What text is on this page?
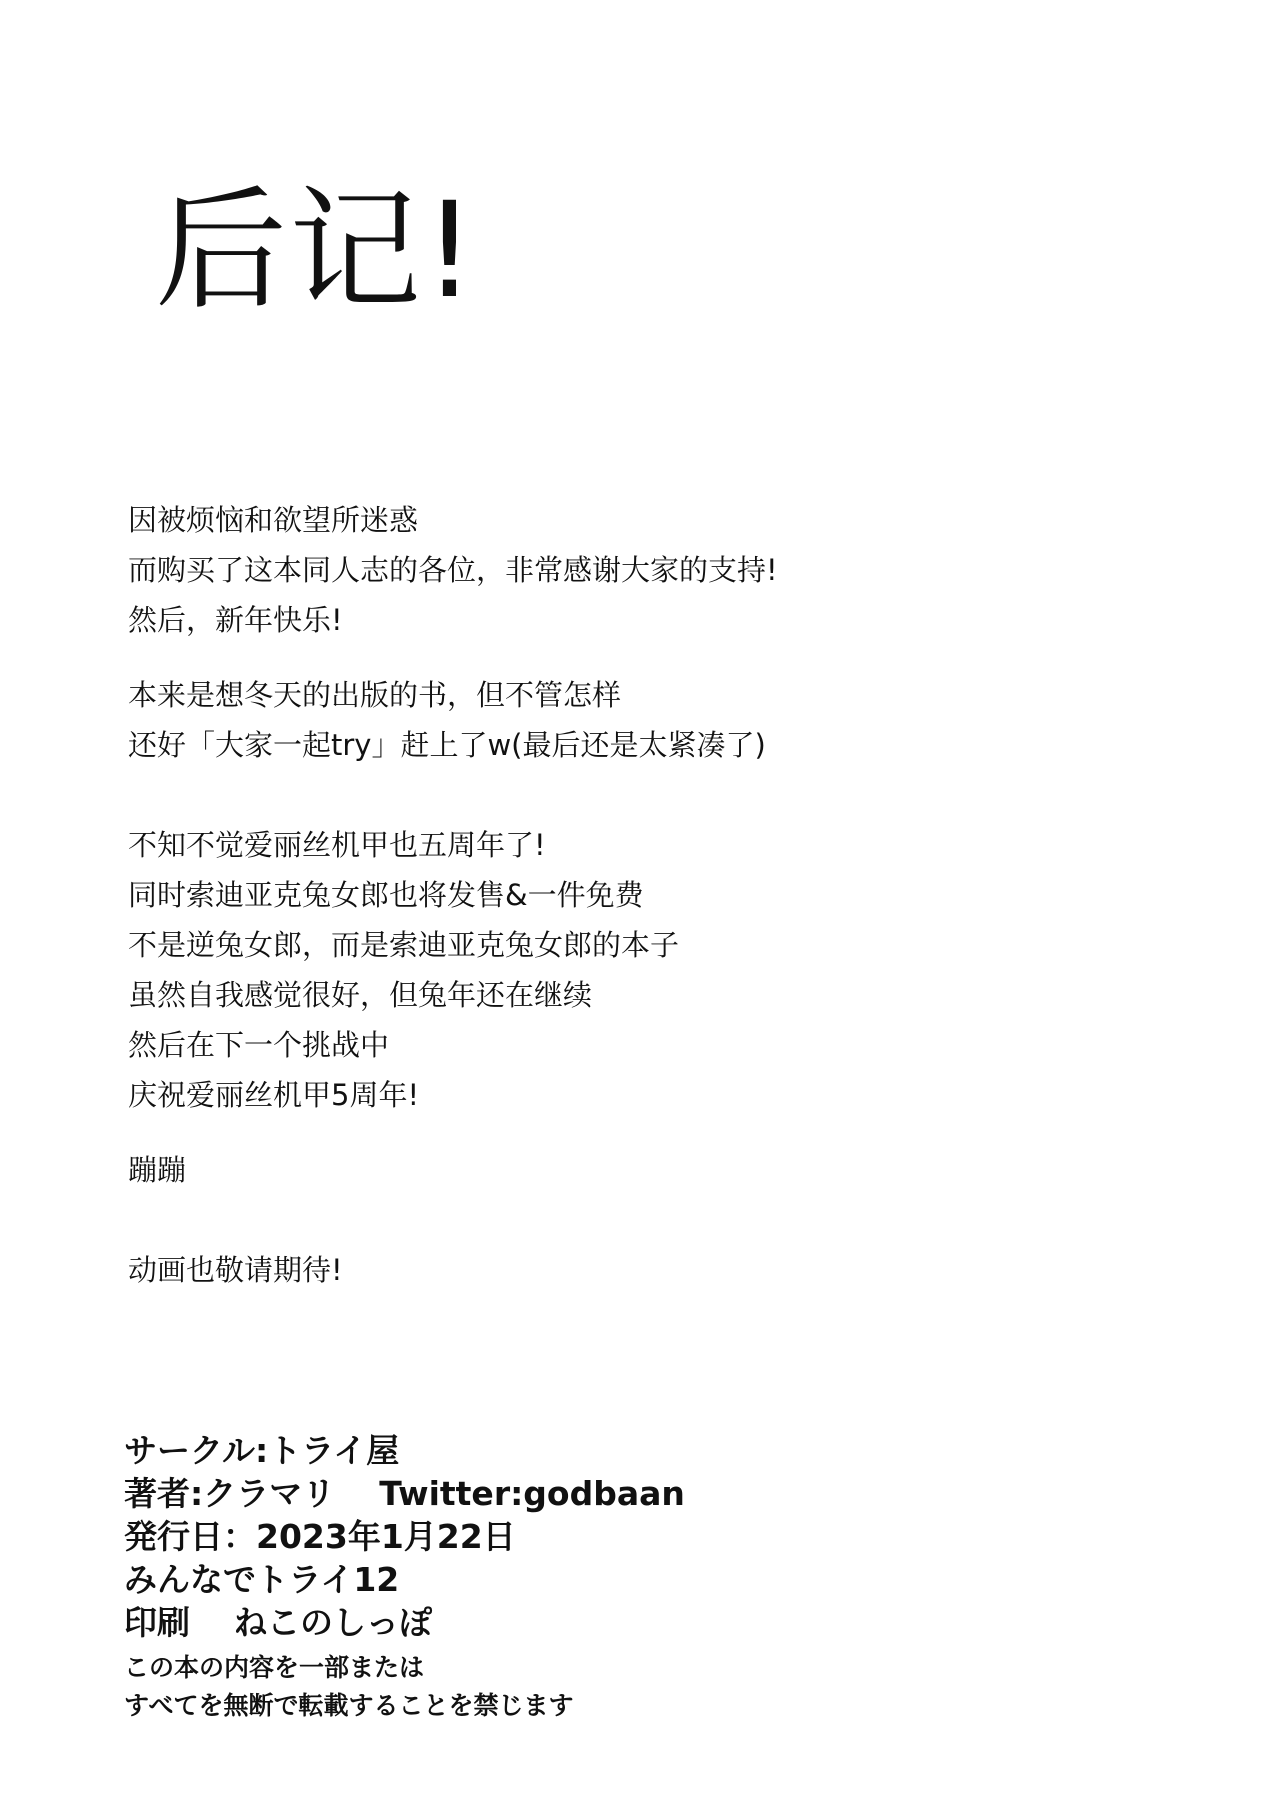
后记!
因被烦恼和欲望所迷惑
而购买了这本同人志的各位，非常感谢大家的支持!
然后，新年快乐!
本来是想冬天的出版的书，但不管怎样
还好「大家一起try」赶上了w(最后还是太紧凑了)
不知不觉爱丽丝机甲也五周年了!
同时索迪亚克兔女郎也将发售&一件免费
不是逆兔女郎，而是索迪亚克兔女郎的本子
虽然自我感觉很好，但兔年还在继续
然后在下一个挑战中
庆祝爱丽丝机甲5周年!
蹦蹦
动画也敬请期待!
サークル:トライ屋
著者:クラマリ Twitter:godbaan
発行日：2023年1月22日
みんなでトライ12
印刷 ねこのしっぽ
この本の内容を一部または
すべてを無断で転載することを禁じます
